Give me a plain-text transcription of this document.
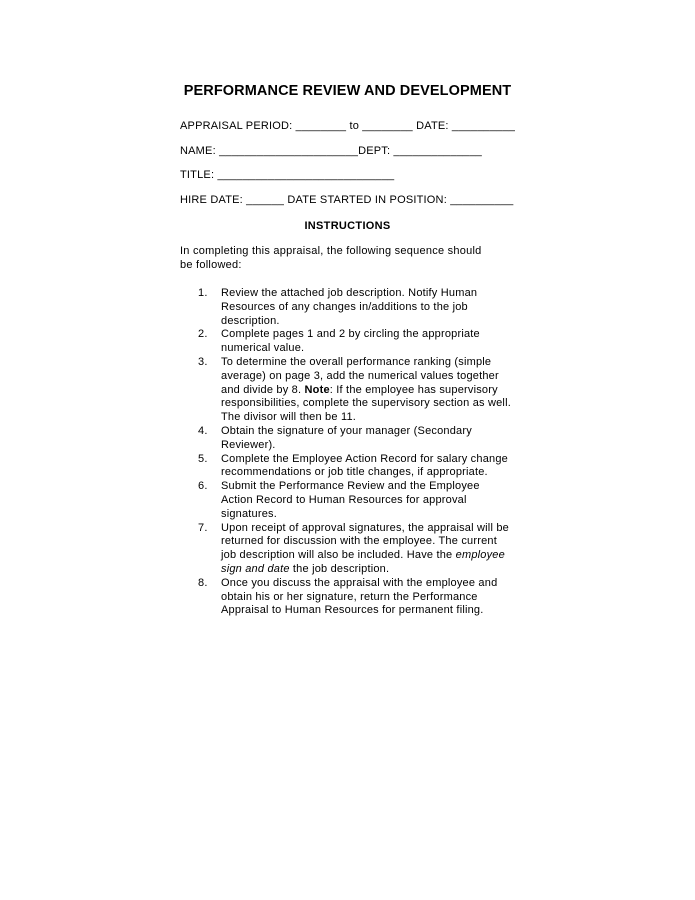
PERFORMANCE REVIEW AND DEVELOPMENT
APPRAISAL PERIOD: ________ to ________ DATE: __________
NAME: ______________________DEPT: ______________
TITLE: ____________________________
HIRE DATE: ______ DATE STARTED IN POSITION: __________
INSTRUCTIONS
In completing this appraisal, the following sequence should be followed:
1. Review the attached job description. Notify Human Resources of any changes in/additions to the job description.
2. Complete pages 1 and 2 by circling the appropriate numerical value.
3. To determine the overall performance ranking (simple average) on page 3, add the numerical values together and divide by 8. Note: If the employee has supervisory responsibilities, complete the supervisory section as well. The divisor will then be 11.
4. Obtain the signature of your manager (Secondary Reviewer).
5. Complete the Employee Action Record for salary change recommendations or job title changes, if appropriate.
6. Submit the Performance Review and the Employee Action Record to Human Resources for approval signatures.
7. Upon receipt of approval signatures, the appraisal will be returned for discussion with the employee. The current job description will also be included. Have the employee sign and date the job description.
8. Once you discuss the appraisal with the employee and obtain his or her signature, return the Performance Appraisal to Human Resources for permanent filing.
